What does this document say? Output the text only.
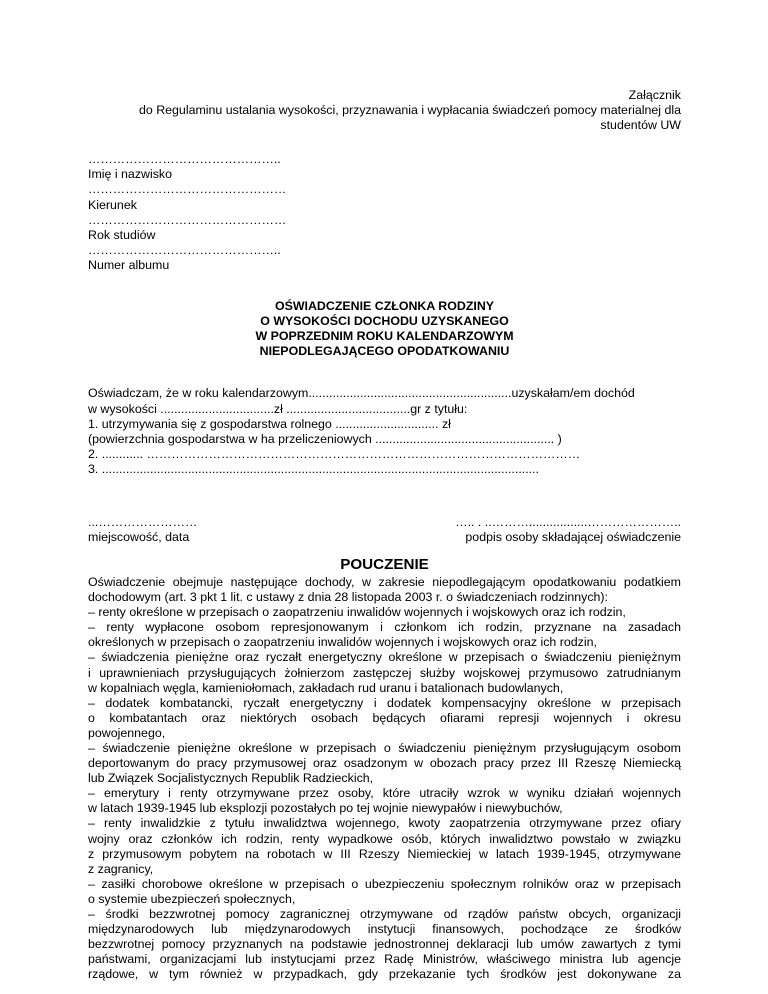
Załącznik
do Regulaminu ustalania wysokości, przyznawania i wypłacania świadczeń pomocy materialnej dla
studentów UW
………………………………………..
Imię i nazwisko
…………………………………………
Kierunek
…………………………………………
Rok studiów
………………………………………..
Numer albumu
OŚWIADCZENIE CZŁONKA RODZINY
O WYSOKOŚCI DOCHODU UZYSKANEGO
W POPRZEDNIM ROKU KALENDARZOWYM
NIEPODLEGAJĄCEGO OPODATKOWANIU
Oświadczam, że w roku kalendarzowym...........................................................uzyskałam/em dochód
w wysokości .................................zł ....................................gr z tytułu:
1. utrzymywania się z gospodarstwa rolnego .............................. zł
(powierzchnia gospodarstwa w ha przeliczeniowych .................................................... )
2. ............ ……………………………………………………………………………………………
3. ...............................................................................................................................
...……………………
miejscowość, data
….. . ..……….................…………………..
podpis osoby składającej oświadczenie
POUCZENIE
Oświadczenie obejmuje następujące dochody, w zakresie niepodlegającym opodatkowaniu podatkiem
dochodowym (art. 3 pkt 1 lit. c ustawy z dnia 28 listopada 2003 r. o świadczeniach rodzinnych):
– renty określone w przepisach o zaopatrzeniu inwalidów wojennych i wojskowych oraz ich rodzin,
– renty wypłacone osobom represjonowanym i członkom ich rodzin, przyznane na zasadach
określonych w przepisach o zaopatrzeniu inwalidów wojennych i wojskowych oraz ich rodzin,
– świadczenia pieniężne oraz ryczałt energetyczny określone w przepisach o świadczeniu pieniężnym
i uprawnieniach przysługujących żołnierzom zastępczej służby wojskowej przymusowo zatrudnianym
w kopalniach węgla, kamieniołomach, zakładach rud uranu i batalionach budowlanych,
– dodatek kombatancki, ryczałt energetyczny i dodatek kompensacyjny określone w przepisach
o kombatantach oraz niektórych osobach będących ofiarami represji wojennych i okresu
powojennego,
– świadczenie pieniężne określone w przepisach o świadczeniu pieniężnym przysługującym osobom
deportowanym do pracy przymusowej oraz osadzonym w obozach pracy przez III Rzeszę Niemiecką
lub Związek Socjalistycznych Republik Radzieckich,
– emerytury i renty otrzymywane przez osoby, które utraciły wzrok w wyniku działań wojennych
w latach 1939-1945 lub eksplozji pozostałych po tej wojnie niewypałów i niewybuchów,
– renty inwalidzkie z tytułu inwalidztwa wojennego, kwoty zaopatrzenia otrzymywane przez ofiary
wojny oraz członków ich rodzin, renty wypadkowe osób, których inwalidztwo powstało w związku
z przymusowym pobytem na robotach w III Rzeszy Niemieckiej w latach 1939-1945, otrzymywane
z zagranicy,
– zasiłki chorobowe określone w przepisach o ubezpieczeniu społecznym rolników oraz w przepisach
o systemie ubezpieczeń społecznych,
– środki bezzwrotnej pomocy zagranicznej otrzymywane od rządów państw obcych, organizacji
międzynarodowych lub międzynarodowych instytucji finansowych, pochodzące ze środków
bezzwrotnej pomocy przyznanych na podstawie jednostronnej deklaracji lub umów zawartych z tymi
państwami, organizacjami lub instytucjami przez Radę Ministrów, właściwego ministra lub agencje
rządowe, w tym również w przypadkach, gdy przekazanie tych środków jest dokonywane za
